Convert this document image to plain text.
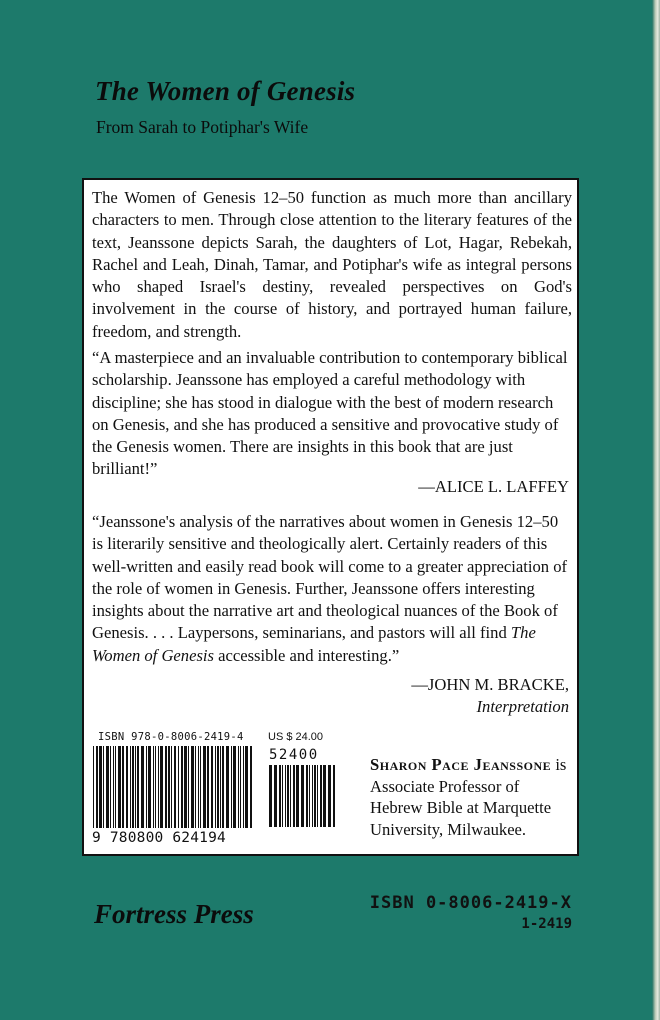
The Women of Genesis
From Sarah to Potiphar's Wife

The Women of Genesis 12–50 function as much more than ancillary characters to men. Through close attention to the literary features of the text, Jeanssone depicts Sarah, the daughters of Lot, Hagar, Rebekah, Rachel and Leah, Dinah, Tamar, and Potiphar's wife as integral persons who shaped Israel's destiny, revealed perspectives on God's involvement in the course of history, and portrayed human failure, freedom, and strength.

“A masterpiece and an invaluable contribution to contemporary biblical scholarship. Jeanssone has employed a careful methodology with discipline; she has stood in dialogue with the best of modern research on Genesis, and she has produced a sensitive and provocative study of the Genesis women. There are insights in this book that are just brilliant!”

—ALICE L. LAFFEY

“Jeanssone's analysis of the narratives about women in Genesis 12–50 is literarily sensitive and theologically alert. Certainly readers of this well-written and easily read book will come to a greater appreciation of the role of women in Genesis. Further, Jeanssone offers interesting insights about the narrative art and theological nuances of the Book of Genesis. . . . Laypersons, seminarians, and pastors will all find The Women of Genesis accessible and interesting.”

—JOHN M. BRACKE,
Interpretation
ISBN 978-0-8006-2419-4 US $ 24.00
52400
9 780800 624194
Sharon Pace Jeanssone is Associate Professor of Hebrew Bible at Marquette University, Milwaukee.
Fortress Press	ISBN 0-8006-2419-X
1-2419
